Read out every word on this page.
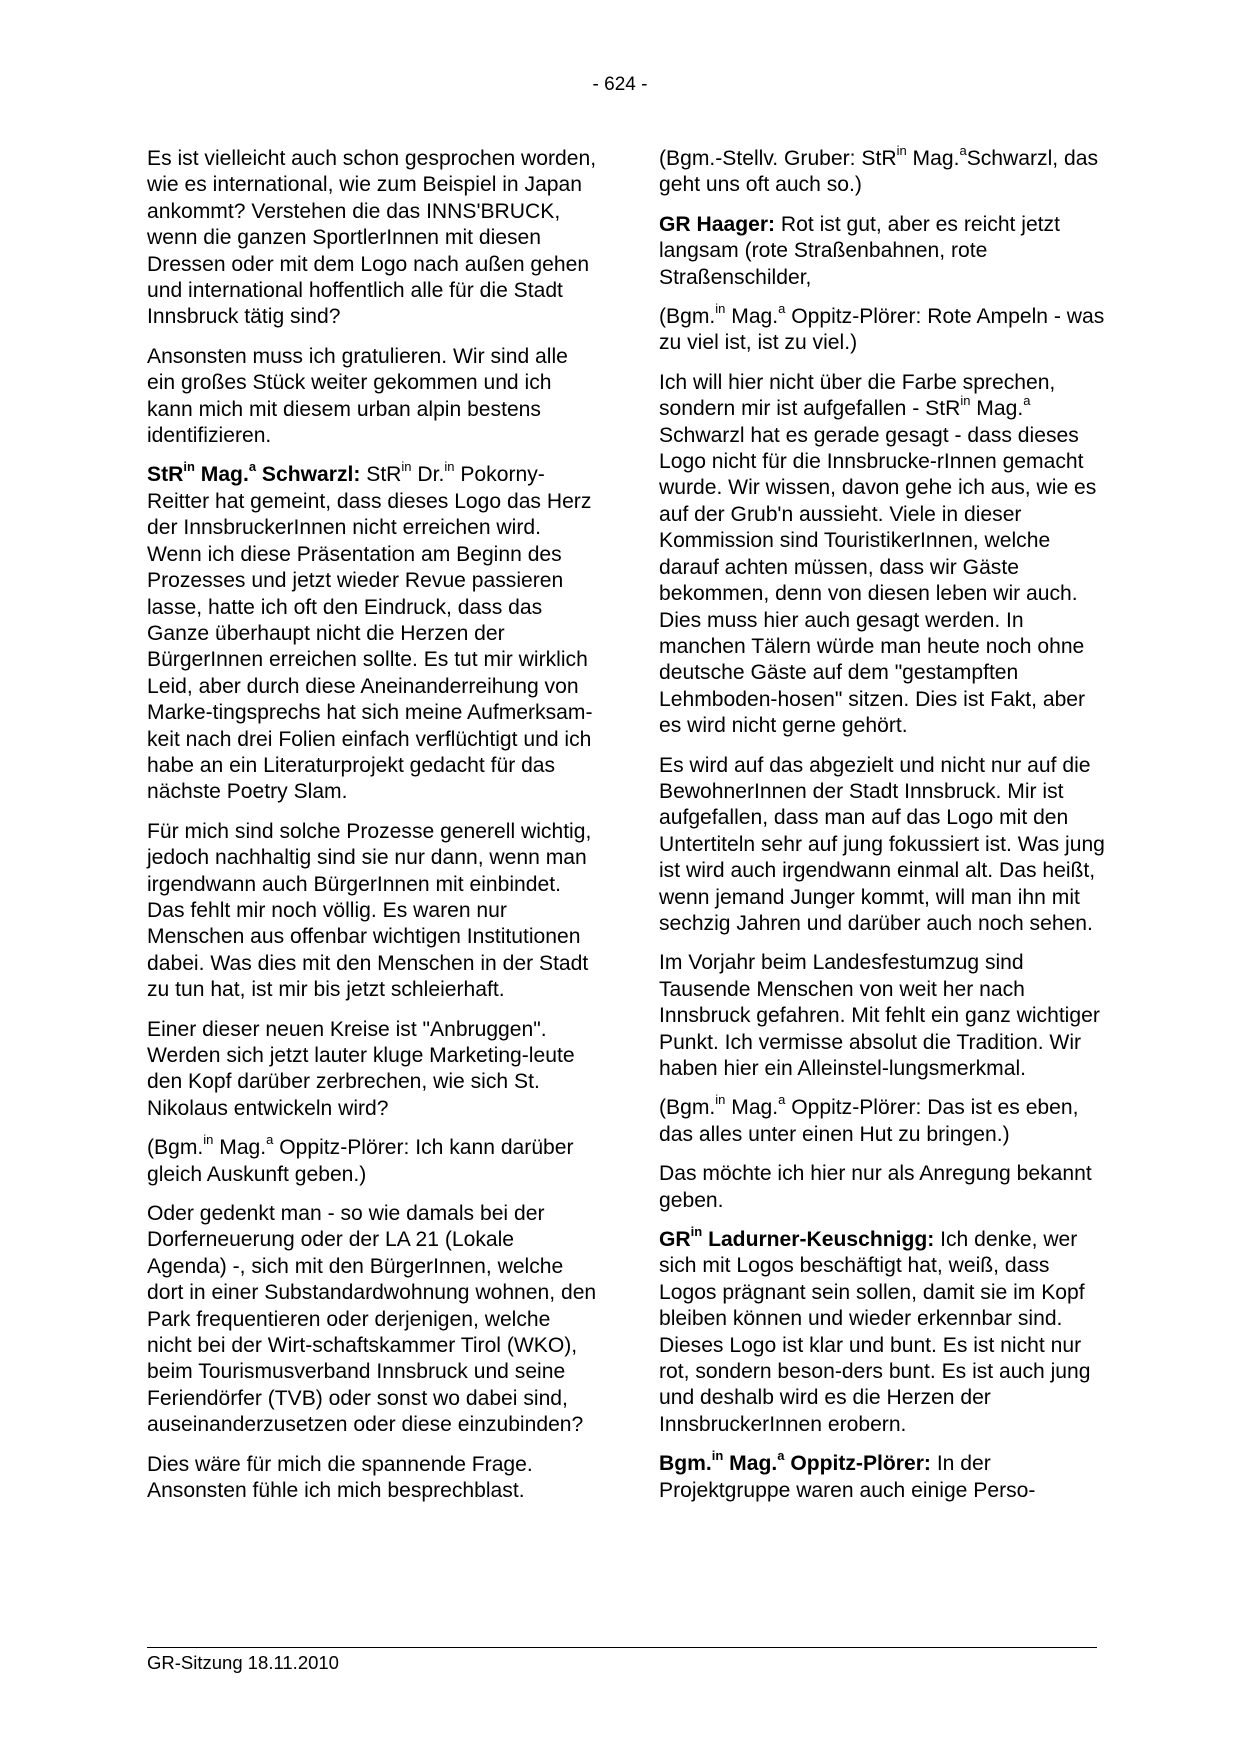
- 624 -

Es ist vielleicht auch schon gesprochen worden, wie es international, wie zum Beispiel in Japan ankommt? Verstehen die das INNS'BRUCK, wenn die ganzen SportlerInnen mit diesen Dressen oder mit dem Logo nach außen gehen und international hoffentlich alle für die Stadt Innsbruck tätig sind?

Ansonsten muss ich gratulieren. Wir sind alle ein großes Stück weiter gekommen und ich kann mich mit diesem urban alpin bestens identifizieren.

StR$^{in}$ Mag.$^a$ Schwarzl: StR$^{in}$ Dr.$^{in}$ Pokorny-Reitter hat gemeint, dass dieses Logo das Herz der InnsbruckerInnen nicht erreichen wird. Wenn ich diese Präsentation am Beginn des Prozesses und jetzt wieder Revue passieren lasse, hatte ich oft den Eindruck, dass das Ganze überhaupt nicht die Herzen der BürgerInnen erreichen sollte. Es tut mir wirklich Leid, aber durch diese Aneinanderreihung von Marke-tingsprechs hat sich meine Aufmerksam-keit nach drei Folien einfach verflüchtigt und ich habe an ein Literaturprojekt gedacht für das nächste Poetry Slam.

Für mich sind solche Prozesse generell wichtig, jedoch nachhaltig sind sie nur dann, wenn man irgendwann auch BürgerInnen mit einbindet. Das fehlt mir noch völlig. Es waren nur Menschen aus offenbar wichtigen Institutionen dabei. Was dies mit den Menschen in der Stadt zu tun hat, ist mir bis jetzt schleierhaft.

Einer dieser neuen Kreise ist "Anbruggen". Werden sich jetzt lauter kluge Marketing-leute den Kopf darüber zerbrechen, wie sich St. Nikolaus entwickeln wird?

(Bgm.$^{in}$ Mag.$^a$ Oppitz-Plörer: Ich kann darüber gleich Auskunft geben.)

Oder gedenkt man - so wie damals bei der Dorferneuerung oder der LA 21 (Lokale Agenda) -, sich mit den BürgerInnen, welche dort in einer Substandardwohnung wohnen, den Park frequentieren oder derjenigen, welche nicht bei der Wirt-schaftskammer Tirol (WKO), beim Tourismusverband Innsbruck und seine Feriendörfer (TVB) oder sonst wo dabei sind, auseinanderzusetzen oder diese einzubinden?

Dies wäre für mich die spannende Frage. Ansonsten fühle ich mich besprechblast.

(Bgm.-Stellv. Gruber: StR$^{in}$ Mag.$^a$Schwarzl, das geht uns oft auch so.)

GR Haager: Rot ist gut, aber es reicht jetzt langsam (rote Straßenbahnen, rote Straßenschilder,

(Bgm.$^{in}$ Mag.$^a$ Oppitz-Plörer: Rote Ampeln - was zu viel ist, ist zu viel.)

Ich will hier nicht über die Farbe sprechen, sondern mir ist aufgefallen - StR$^{in}$ Mag.$^a$ Schwarzl hat es gerade gesagt - dass dieses Logo nicht für die Innsbrucke-rInnen gemacht wurde. Wir wissen, davon gehe ich aus, wie es auf der Grub'n aussieht. Viele in dieser Kommission sind TouristikerInnen, welche darauf achten müssen, dass wir Gäste bekommen, denn von diesen leben wir auch. Dies muss hier auch gesagt werden. In manchen Tälern würde man heute noch ohne deutsche Gäste auf dem "gestampften Lehmboden-hosen" sitzen. Dies ist Fakt, aber es wird nicht gerne gehört.

Es wird auf das abgezielt und nicht nur auf die BewohnerInnen der Stadt Innsbruck. Mir ist aufgefallen, dass man auf das Logo mit den Untertiteln sehr auf jung fokussiert ist. Was jung ist wird auch irgendwann einmal alt. Das heißt, wenn jemand Junger kommt, will man ihn mit sechzig Jahren und darüber auch noch sehen.

Im Vorjahr beim Landesfestumzug sind Tausende Menschen von weit her nach Innsbruck gefahren. Mit fehlt ein ganz wichtiger Punkt. Ich vermisse absolut die Tradition. Wir haben hier ein Alleinstel-lungsmerkmal.

(Bgm.$^{in}$ Mag.$^a$ Oppitz-Plörer: Das ist es eben, das alles unter einen Hut zu bringen.)

Das möchte ich hier nur als Anregung bekannt geben.

$GR^{in}$ Ladurner-Keuschnigg: Ich denke, wer sich mit Logos beschäftigt hat, weiß, dass Logos prägnant sein sollen, damit sie im Kopf bleiben können und wieder erkennbar sind. Dieses Logo ist klar und bunt. Es ist nicht nur rot, sondern beson-ders bunt. Es ist auch jung und deshalb wird es die Herzen der InnsbruckerInnen erobern.

Bgm.$^{in}$ Mag.$^a$ Oppitz-Plörer: In der Projektgruppe waren auch einige Perso-

GR-Sitzung 18.11.2010
